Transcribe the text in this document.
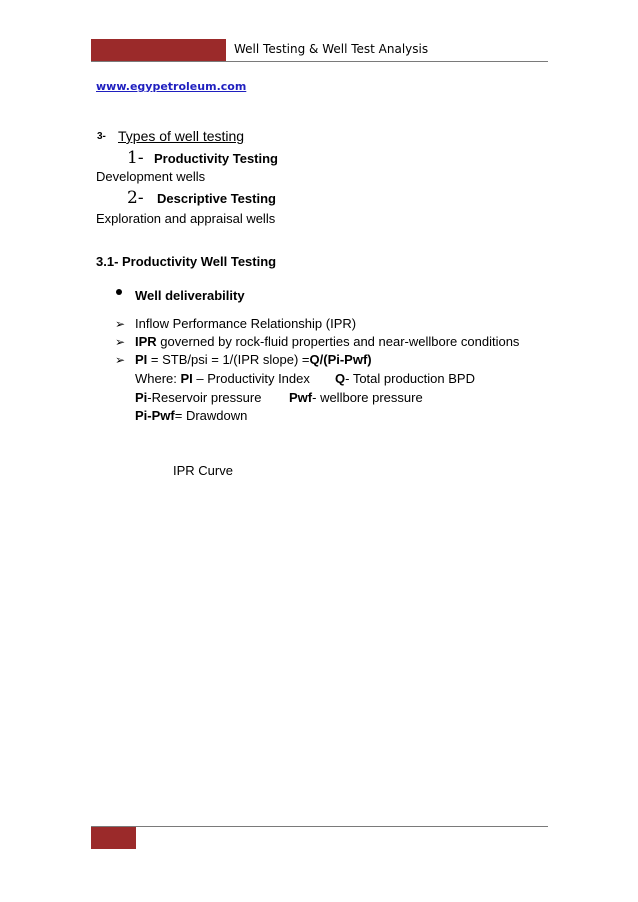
Well Testing & Well Test Analysis
www.egypetroleum.com
3- Types of well testing
1- Productivity Testing
Development wells
2- Descriptive Testing
Exploration and appraisal wells
3.1- Productivity Well Testing
Well deliverability
➢ Inflow Performance Relationship (IPR)
➢ IPR governed by rock-fluid properties and near-wellbore conditions
➢ PI = STB/psi = 1/(IPR slope) =Q/(Pi-Pwf)
Where: PI – Productivity Index Q- Total production BPD
Pi-Reservoir pressure Pwf- wellbore pressure
Pi-Pwf= Drawdown
IPR Curve
